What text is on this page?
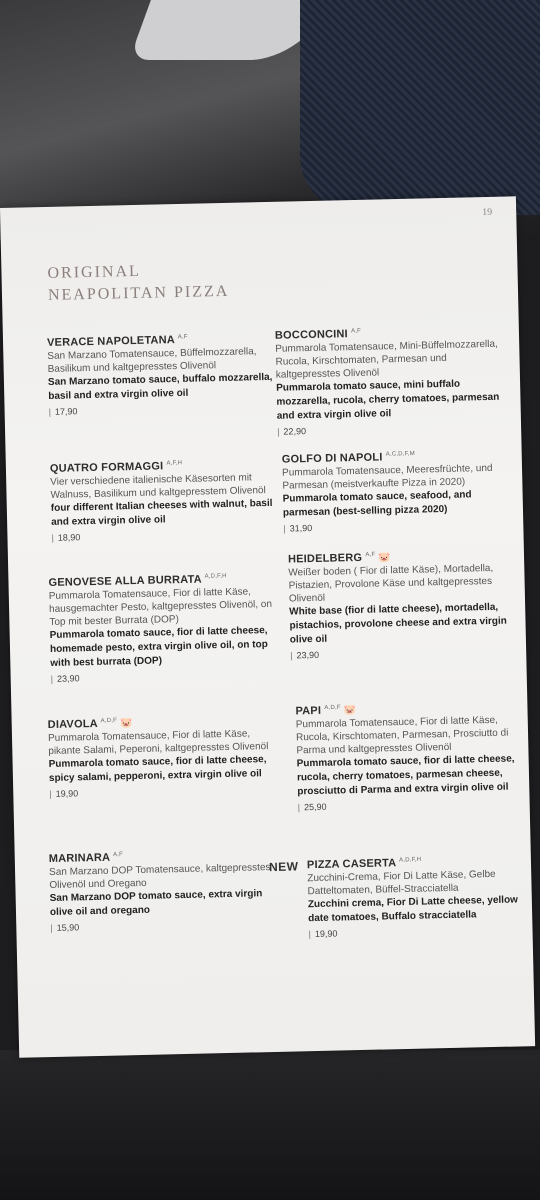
19
ORIGINAL
NEAPOLITAN PIZZA
VERACE NAPOLETANA $^{A,F}$
San Marzano Tomatensauce, Büffelmozzarella, Basilikum und kaltgepresstes Olivenöl
San Marzano tomato sauce, buffalo mozzarella, basil and extra virgin olive oil
| 17,90
QUATRO FORMAGGI $^{A,F,H}$
Vier verschiedene italienische Käsesorten mit Walnuss, Basilikum und kaltgepresstem Olivenöl
four different Italian cheeses with walnut, basil and extra virgin olive oil
| 18,90
GENOVESE ALLA BURRATA $^{A,D,F,H}$
Pummarola Tomatensauce, Fior di latte Käse, hausgemachter Pesto, kaltgepresstes Olivenöl, on Top mit bester Burrata (DOP)
Pummarola tomato sauce, fior di latte cheese, homemade pesto, extra virgin olive oil, on top with best burrata (DOP)
| 23,90
DIAVOLA $^{A,D,F}$ 🐷
Pummarola Tomatensauce, Fior di latte Käse, pikante Salami, Peperoni, kaltgepresstes Olivenöl
Pummarola tomato sauce, fior di latte cheese, spicy salami, pepperoni, extra virgin olive oil
| 19,90
MARINARA $^{A,F}$
San Marzano DOP Tomatensauce, kaltgepresstes Olivenöl und Oregano
San Marzano DOP tomato sauce, extra virgin olive oil and oregano
| 15,90
BOCCONCINI $^{A,F}$
Pummarola Tomatensauce, Mini-Büffelmozzarella, Rucola, Kirschtomaten, Parmesan und kaltgepresstes Olivenöl
Pummarola tomato sauce, mini buffalo mozzarella, rucola, cherry tomatoes, parmesan and extra virgin olive oil
| 22,90
GOLFO DI NAPOLI $^{A,C,D,F,M}$
Pummarola Tomatensauce, Meeresfrüchte, und Parmesan (meistverkaufte Pizza in 2020)
Pummarola tomato sauce, seafood, and parmesan (best-selling pizza 2020)
| 31,90
HEIDELBERG $^{A,F}$ 🐷
Weißer boden ( Fior di latte Käse), Mortadella, Pistazien, Provolone Käse und kaltgepresstes Olivenöl
White base (fior di latte cheese), mortadella, pistachios, provolone cheese and extra virgin olive oil
| 23,90
PAPI $^{A,D,F}$ 🐷
Pummarola Tomatensauce, Fior di latte Käse, Rucola, Kirschtomaten, Parmesan, Prosciutto di Parma und kaltgepresstes Olivenöl
Pummarola tomato sauce, fior di latte cheese, rucola, cherry tomatoes, parmesan cheese, prosciutto di Parma and extra virgin olive oil
| 25,90
NEW PIZZA CASERTA $^{A,D,F,H}$
Zucchini-Crema, Fior Di Latte Käse, Gelbe Datteltomaten, Büffel-Stracciatella
Zucchini crema, Fior Di Latte cheese, yellow date tomatoes, Buffalo stracciatella
| 19,90
